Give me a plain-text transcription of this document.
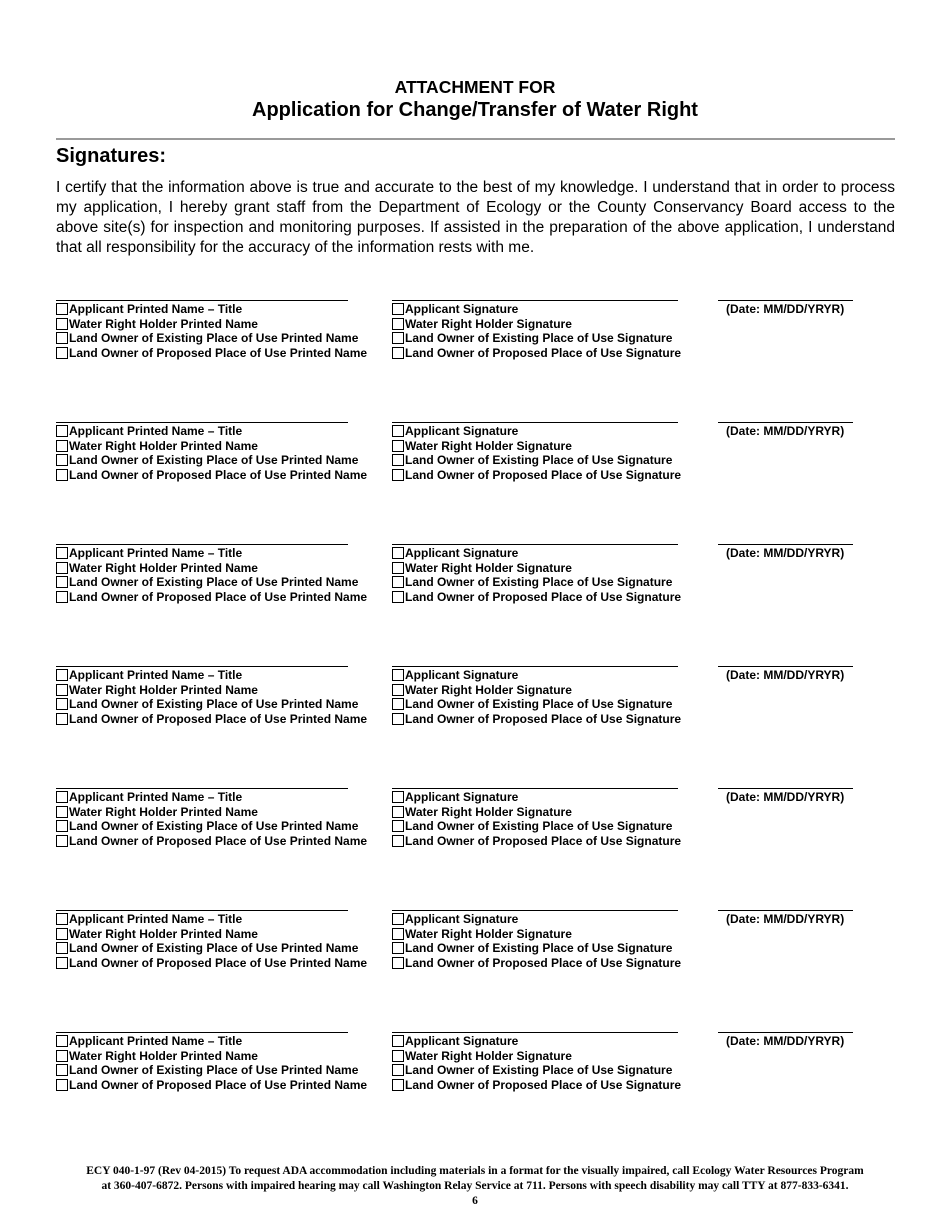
ATTACHMENT FOR
Application for Change/Transfer of Water Right
Signatures:
I certify that the information above is true and accurate to the best of my knowledge. I understand that in order to process my application, I hereby grant staff from the Department of Ecology or the County Conservancy Board access to the above site(s) for inspection and monitoring purposes. If assisted in the preparation of the above application, I understand that all responsibility for the accuracy of the information rests with me.
Applicant Printed Name – Title
Water Right Holder Printed Name
Land Owner of Existing Place of Use Printed Name
Land Owner of Proposed Place of Use Printed Name
Applicant Signature
Water Right Holder Signature
Land Owner of Existing Place of Use Signature
Land Owner of Proposed Place of Use Signature
(Date: MM/DD/YRYR)
Applicant Printed Name – Title
Water Right Holder Printed Name
Land Owner of Existing Place of Use Printed Name
Land Owner of Proposed Place of Use Printed Name
Applicant Signature
Water Right Holder Signature
Land Owner of Existing Place of Use Signature
Land Owner of Proposed Place of Use Signature
(Date: MM/DD/YRYR)
Applicant Printed Name – Title
Water Right Holder Printed Name
Land Owner of Existing Place of Use Printed Name
Land Owner of Proposed Place of Use Printed Name
Applicant Signature
Water Right Holder Signature
Land Owner of Existing Place of Use Signature
Land Owner of Proposed Place of Use Signature
(Date: MM/DD/YRYR)
Applicant Printed Name – Title
Water Right Holder Printed Name
Land Owner of Existing Place of Use Printed Name
Land Owner of Proposed Place of Use Printed Name
Applicant Signature
Water Right Holder Signature
Land Owner of Existing Place of Use Signature
Land Owner of Proposed Place of Use Signature
(Date: MM/DD/YRYR)
Applicant Printed Name – Title
Water Right Holder Printed Name
Land Owner of Existing Place of Use Printed Name
Land Owner of Proposed Place of Use Printed Name
Applicant Signature
Water Right Holder Signature
Land Owner of Existing Place of Use Signature
Land Owner of Proposed Place of Use Signature
(Date: MM/DD/YRYR)
Applicant Printed Name – Title
Water Right Holder Printed Name
Land Owner of Existing Place of Use Printed Name
Land Owner of Proposed Place of Use Printed Name
Applicant Signature
Water Right Holder Signature
Land Owner of Existing Place of Use Signature
Land Owner of Proposed Place of Use Signature
(Date: MM/DD/YRYR)
Applicant Printed Name – Title
Water Right Holder Printed Name
Land Owner of Existing Place of Use Printed Name
Land Owner of Proposed Place of Use Printed Name
Applicant Signature
Water Right Holder Signature
Land Owner of Existing Place of Use Signature
Land Owner of Proposed Place of Use Signature
(Date: MM/DD/YRYR)
ECY 040-1-97 (Rev 04-2015) To request ADA accommodation including materials in a format for the visually impaired, call Ecology Water Resources Program
at 360-407-6872. Persons with impaired hearing may call Washington Relay Service at 711. Persons with speech disability may call TTY at 877-833-6341.
6
